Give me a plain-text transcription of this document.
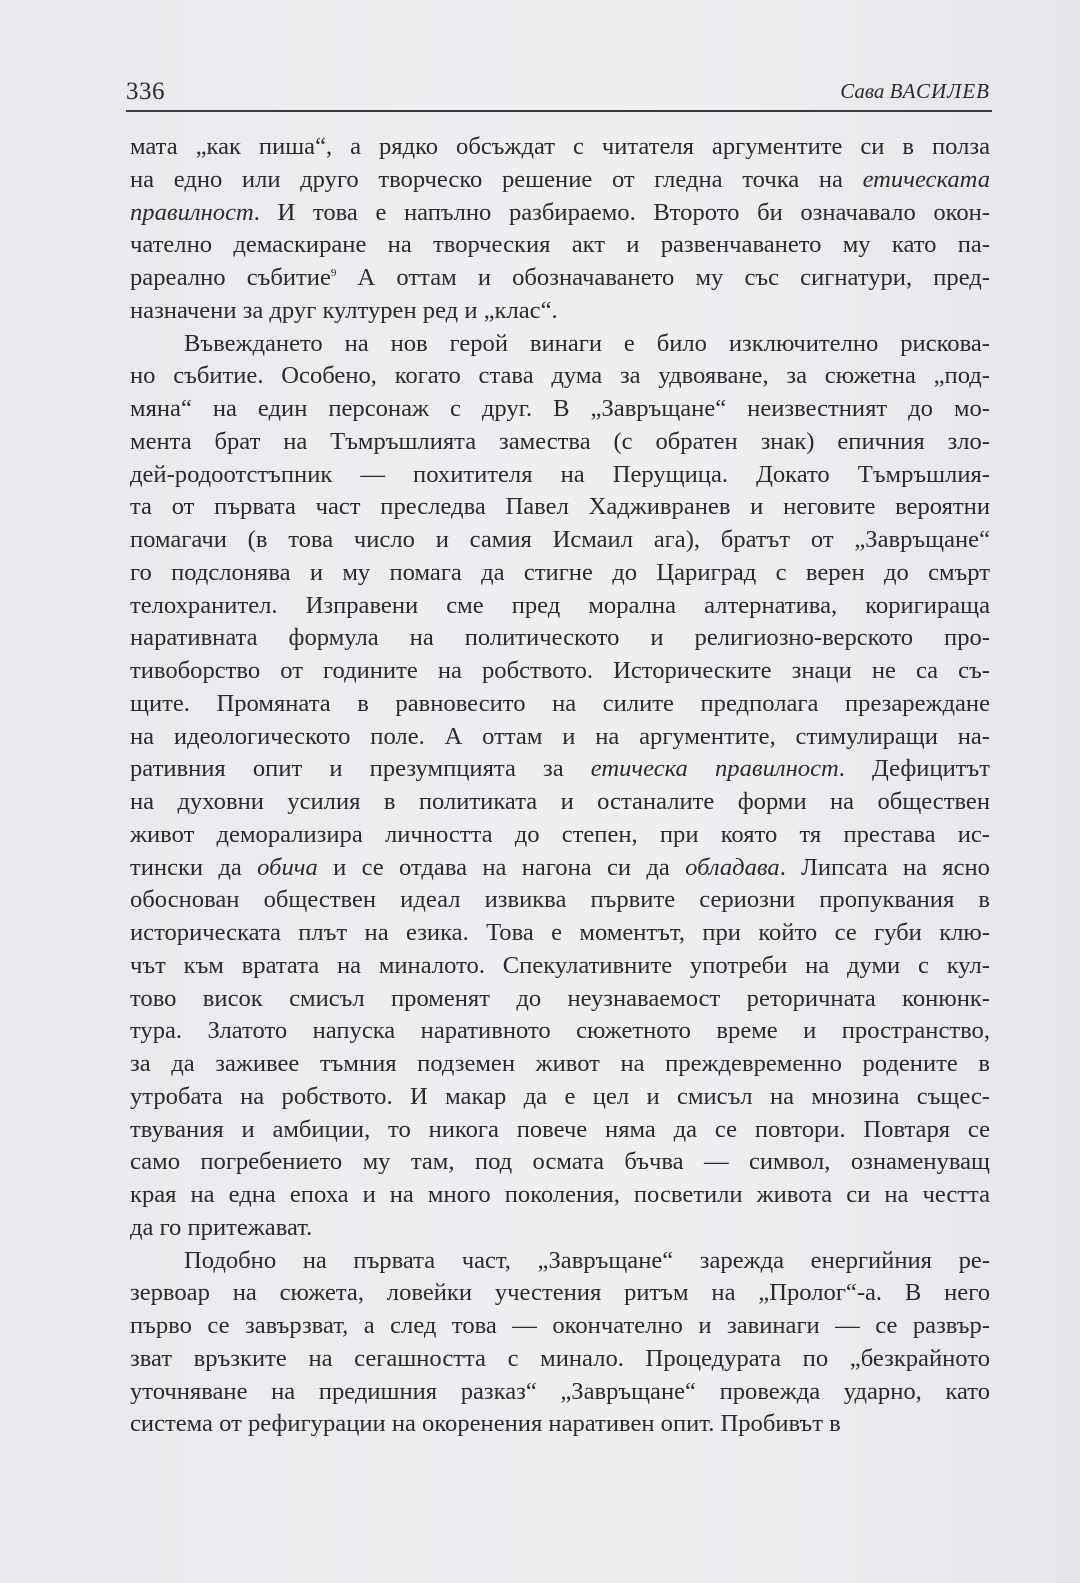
336	Сава ВАСИЛЕВ
мата „как пиша“, а рядко обсъждат с читателя аргументите си в полза
на едно или друго творческо решение от гледна точка на етическата
правилност. И това е напълно разбираемо. Второто би означавало окон-
чателно демаскиране на творческия акт и развенчаването му като па-
рареално събитие$^9$ А оттам и обозначаването му със сигнатури, пред-
назначени за друг културен ред и „клас“.
Въвеждането на нов герой винаги е било изключително рискова-
но събитие. Особено, когато става дума за удвояване, за сюжетна „под-
мяна“ на един персонаж с друг. В „Завръщане“ неизвестният до мо-
мента брат на Тъмръшлията замества (с обратен знак) епичния зло-
дей-родоотстъпник — похитителя на Перущица. Докато Тъмръшлия-
та от първата част преследва Павел Хадживранев и неговите вероятни
помагачи (в това число и самия Исмаил ага), братът от „Завръщане“
го подслонява и му помага да стигне до Цариград с верен до смърт
телохранител. Изправени сме пред морална алтернатива, коригираща
наративната формула на политическото и религиозно-верското про-
тивоборство от годините на робството. Историческите знаци не са съ-
щите. Промяната в равновесито на силите предполага презареждане
на идеологическото поле. А оттам и на аргументите, стимулиращи на-
ративния опит и презумпцията за етическа правилност. Дефицитът
на духовни усилия в политиката и останалите форми на обществен
живот деморализира личността до степен, при която тя престава ис-
тински да обича и се отдава на нагона си да обладава. Липсата на ясно
обоснован обществен идеал извиква първите сериозни пропуквания в
историческата плът на езика. Това е моментът, при който се губи клю-
чът към вратата на миналото. Спекулативните употреби на думи с кул-
тово висок смисъл променят до неузнаваемост реторичната конюнк-
тура. Златото напуска наративното сюжетното време и пространство,
за да заживее тъмния подземен живот на преждевременно родените в
утробата на робството. И макар да е цел и смисъл на мнозина същес-
твувания и амбиции, то никога повече няма да се повтори. Повтаря се
само погребението му там, под осмата бъчва — символ, ознаменуващ
края на една епоха и на много поколения, посветили живота си на честта
да го притежават.
Подобно на първата част, „Завръщане“ зарежда енергийния ре-
зервоар на сюжета, ловейки учестения ритъм на „Пролог“-а. В него
първо се завързват, а след това — окончателно и завинаги — се развър-
зват връзките на сегашността с минало. Процедурата по „безкрайното
уточняване на предишния разказ“ „Завръщане“ провежда ударно, като
система от рефигурации на окоренения наративен опит. Пробивът в
